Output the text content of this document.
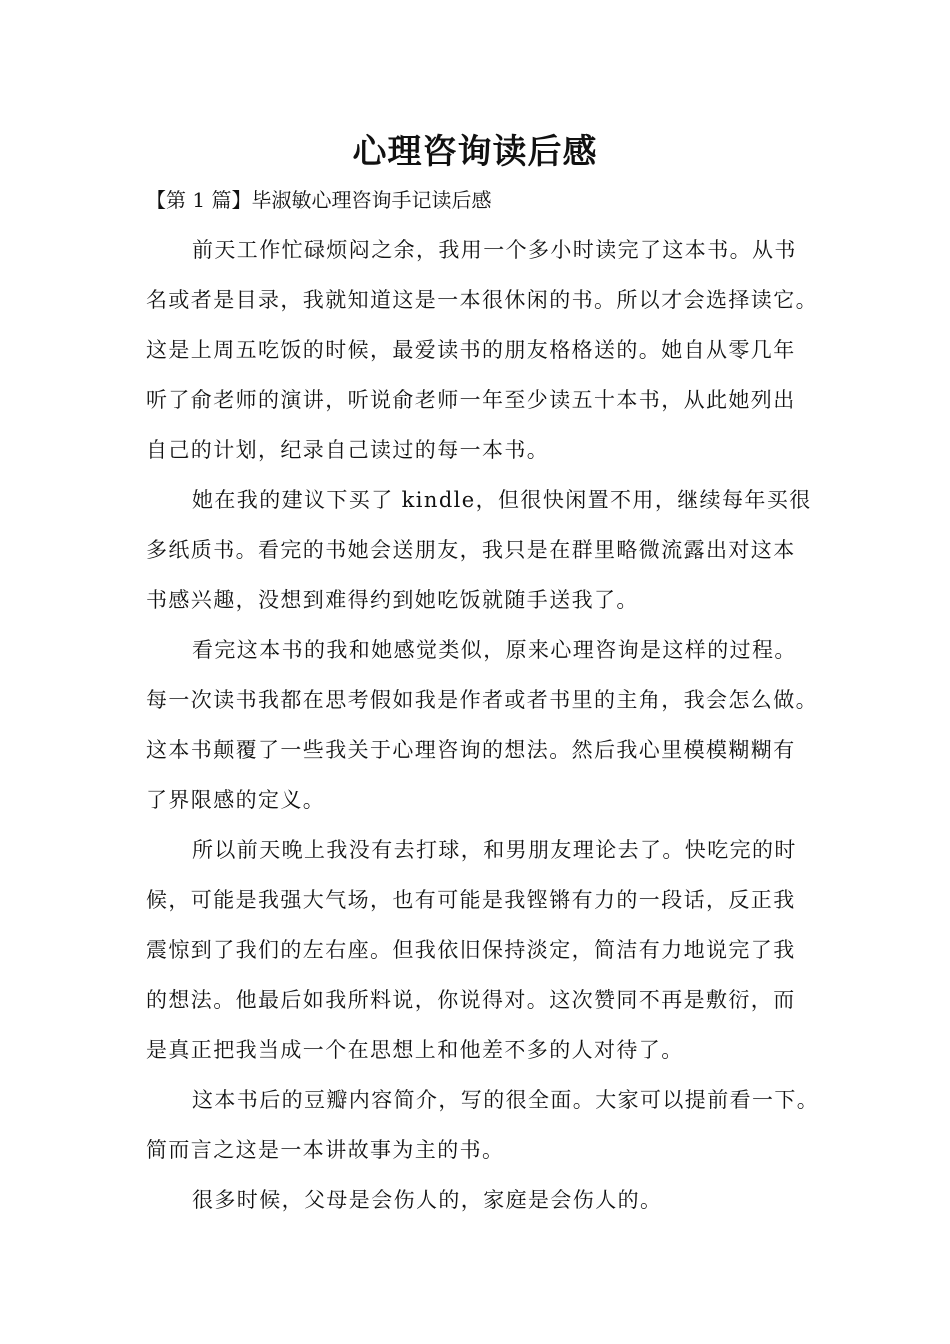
心理咨询读后感
【第 1 篇】毕淑敏心理咨询手记读后感
前天工作忙碌烦闷之余，我用一个多小时读完了这本书。从书
名或者是目录，我就知道这是一本很休闲的书。所以才会选择读它。
这是上周五吃饭的时候，最爱读书的朋友格格送的。她自从零几年
听了俞老师的演讲，听说俞老师一年至少读五十本书，从此她列出
自己的计划，纪录自己读过的每一本书。
她在我的建议下买了 kindle，但很快闲置不用，继续每年买很
多纸质书。看完的书她会送朋友，我只是在群里略微流露出对这本
书感兴趣，没想到难得约到她吃饭就随手送我了。
看完这本书的我和她感觉类似，原来心理咨询是这样的过程。
每一次读书我都在思考假如我是作者或者书里的主角，我会怎么做。
这本书颠覆了一些我关于心理咨询的想法。然后我心里模模糊糊有
了界限感的定义。
所以前天晚上我没有去打球，和男朋友理论去了。快吃完的时
候，可能是我强大气场，也有可能是我铿锵有力的一段话，反正我
震惊到了我们的左右座。但我依旧保持淡定，简洁有力地说完了我
的想法。他最后如我所料说，你说得对。这次赞同不再是敷衍，而
是真正把我当成一个在思想上和他差不多的人对待了。
这本书后的豆瓣内容简介，写的很全面。大家可以提前看一下。
简而言之这是一本讲故事为主的书。
很多时候，父母是会伤人的，家庭是会伤人的。
